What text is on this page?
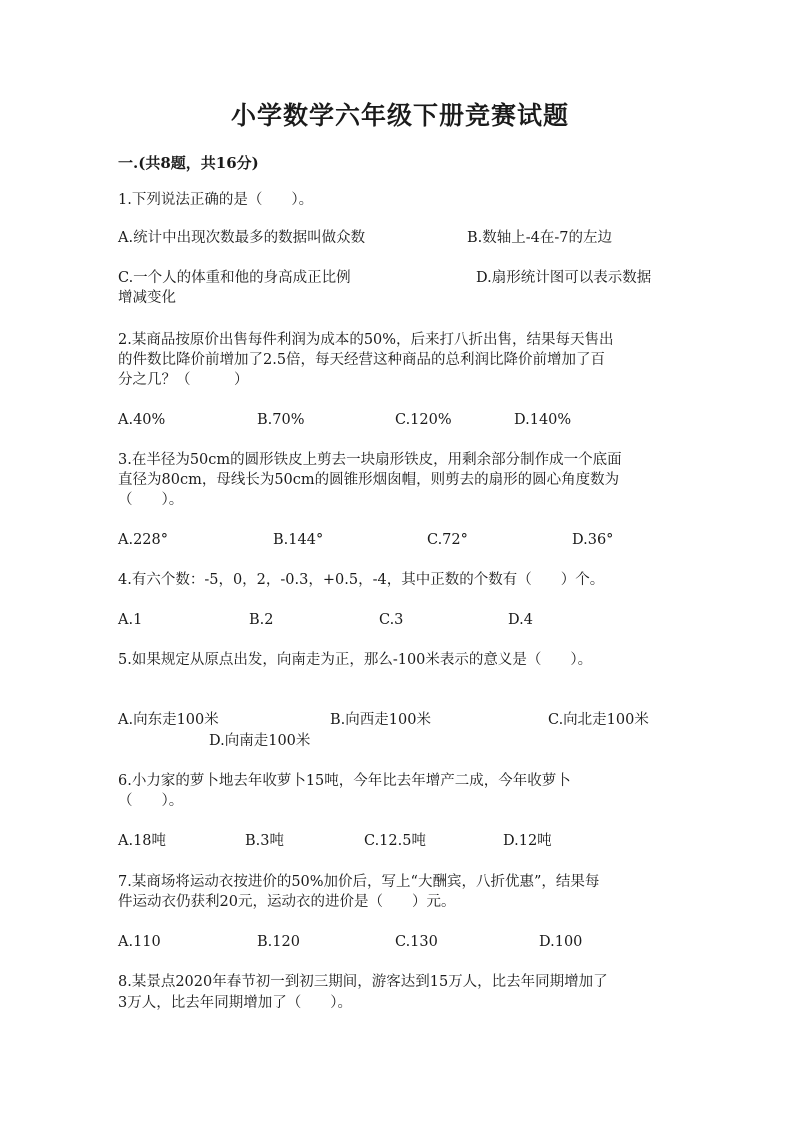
小学数学六年级下册竞赛试题
一.(共8题，共16分)
1.下列说法正确的是（　　）。
A.统计中出现次数最多的数据叫做众数	B.数轴上-4在-7的左边
C.一个人的体重和他的身高成正比例	D.扇形统计图可以表示数据
增减变化
2.某商品按原价出售每件利润为成本的50%，后来打八折出售，结果每天售出
的件数比降价前增加了2.5倍，每天经营这种商品的总利润比降价前增加了百
分之几？（　　　）
A.40%	B.70%	C.120%	D.140%
3.在半径为50cm的圆形铁皮上剪去一块扇形铁皮，用剩余部分制作成一个底面
直径为80cm，母线长为50cm的圆锥形烟囱帽，则剪去的扇形的圆心角度数为
（　　）。
A.228°	B.144°	C.72°	D.36°
4.有六个数：-5，0，2，-0.3，+0.5，-4，其中正数的个数有（　　）个。
A.1	B.2	C.3	D.4
5.如果规定从原点出发，向南走为正，那么-100米表示的意义是（　　）。
A.向东走100米	B.向西走100米	C.向北走100米
D.向南走100米
6.小力家的萝卜地去年收萝卜15吨，今年比去年增产二成，今年收萝卜
（　　）。
A.18吨	B.3吨	C.12.5吨	D.12吨
7.某商场将运动衣按进价的50%加价后，写上“大酬宾，八折优惠”，结果每
件运动衣仍获利20元，运动衣的进价是（　　）元。
A.110	B.120	C.130	D.100
8.某景点2020年春节初一到初三期间，游客达到15万人，比去年同期增加了
3万人，比去年同期增加了（　　）。
